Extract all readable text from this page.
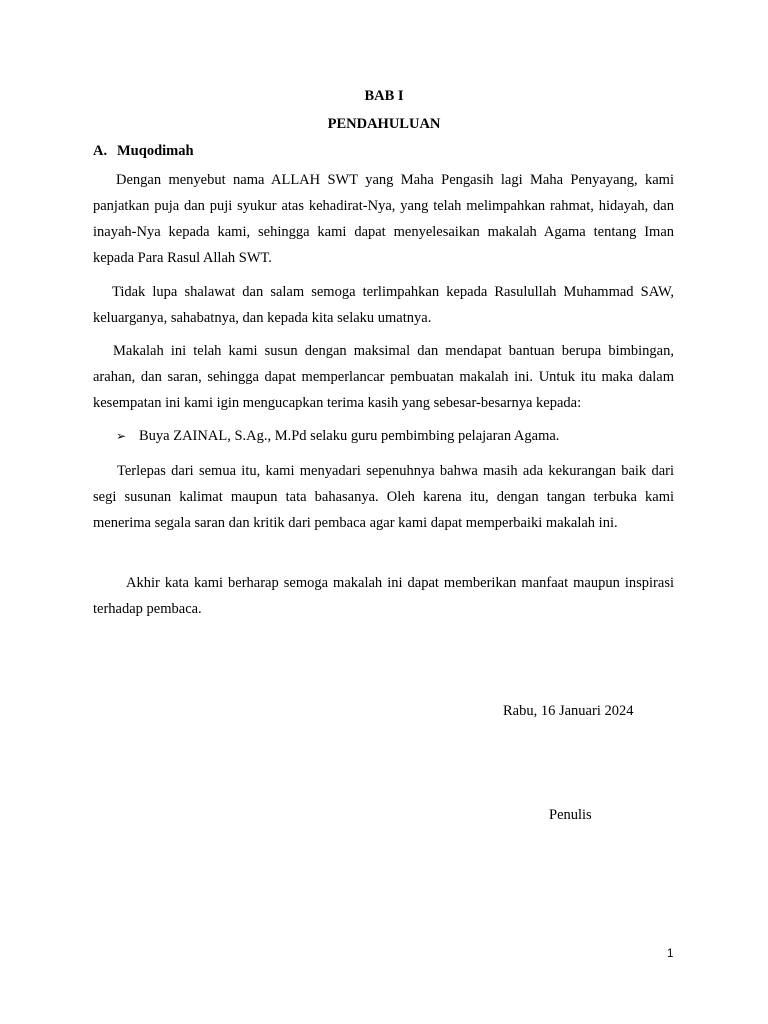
BAB I
PENDAHULUAN
A. Muqodimah

Dengan menyebut nama ALLAH SWT yang Maha Pengasih lagi Maha Penyayang, kami panjatkan puja dan puji syukur atas kehadirat-Nya, yang telah melimpahkan rahmat, hidayah, dan inayah-Nya kepada kami, sehingga kami dapat menyelesaikan makalah Agama tentang Iman kepada Para Rasul Allah SWT.

Tidak lupa shalawat dan salam semoga terlimpahkan kepada Rasulullah Muhammad SAW, keluarganya, sahabatnya, dan kepada kita selaku umatnya.

Makalah ini telah kami susun dengan maksimal dan mendapat bantuan berupa bimbingan, arahan, dan saran, sehingga dapat memperlancar pembuatan makalah ini. Untuk itu maka dalam kesempatan ini kami igin mengucapkan terima kasih yang sebesar-besarnya kepada:

➢ Buya ZAINAL, S.Ag., M.Pd selaku guru pembimbing pelajaran Agama.

Terlepas dari semua itu, kami menyadari sepenuhnya bahwa masih ada kekurangan baik dari segi susunan kalimat maupun tata bahasanya. Oleh karena itu, dengan tangan terbuka kami menerima segala saran dan kritik dari pembaca agar kami dapat memperbaiki makalah ini.

Akhir kata kami berharap semoga makalah ini dapat memberikan manfaat maupun inspirasi terhadap pembaca.

Rabu, 16 Januari 2024
Penulis
1
